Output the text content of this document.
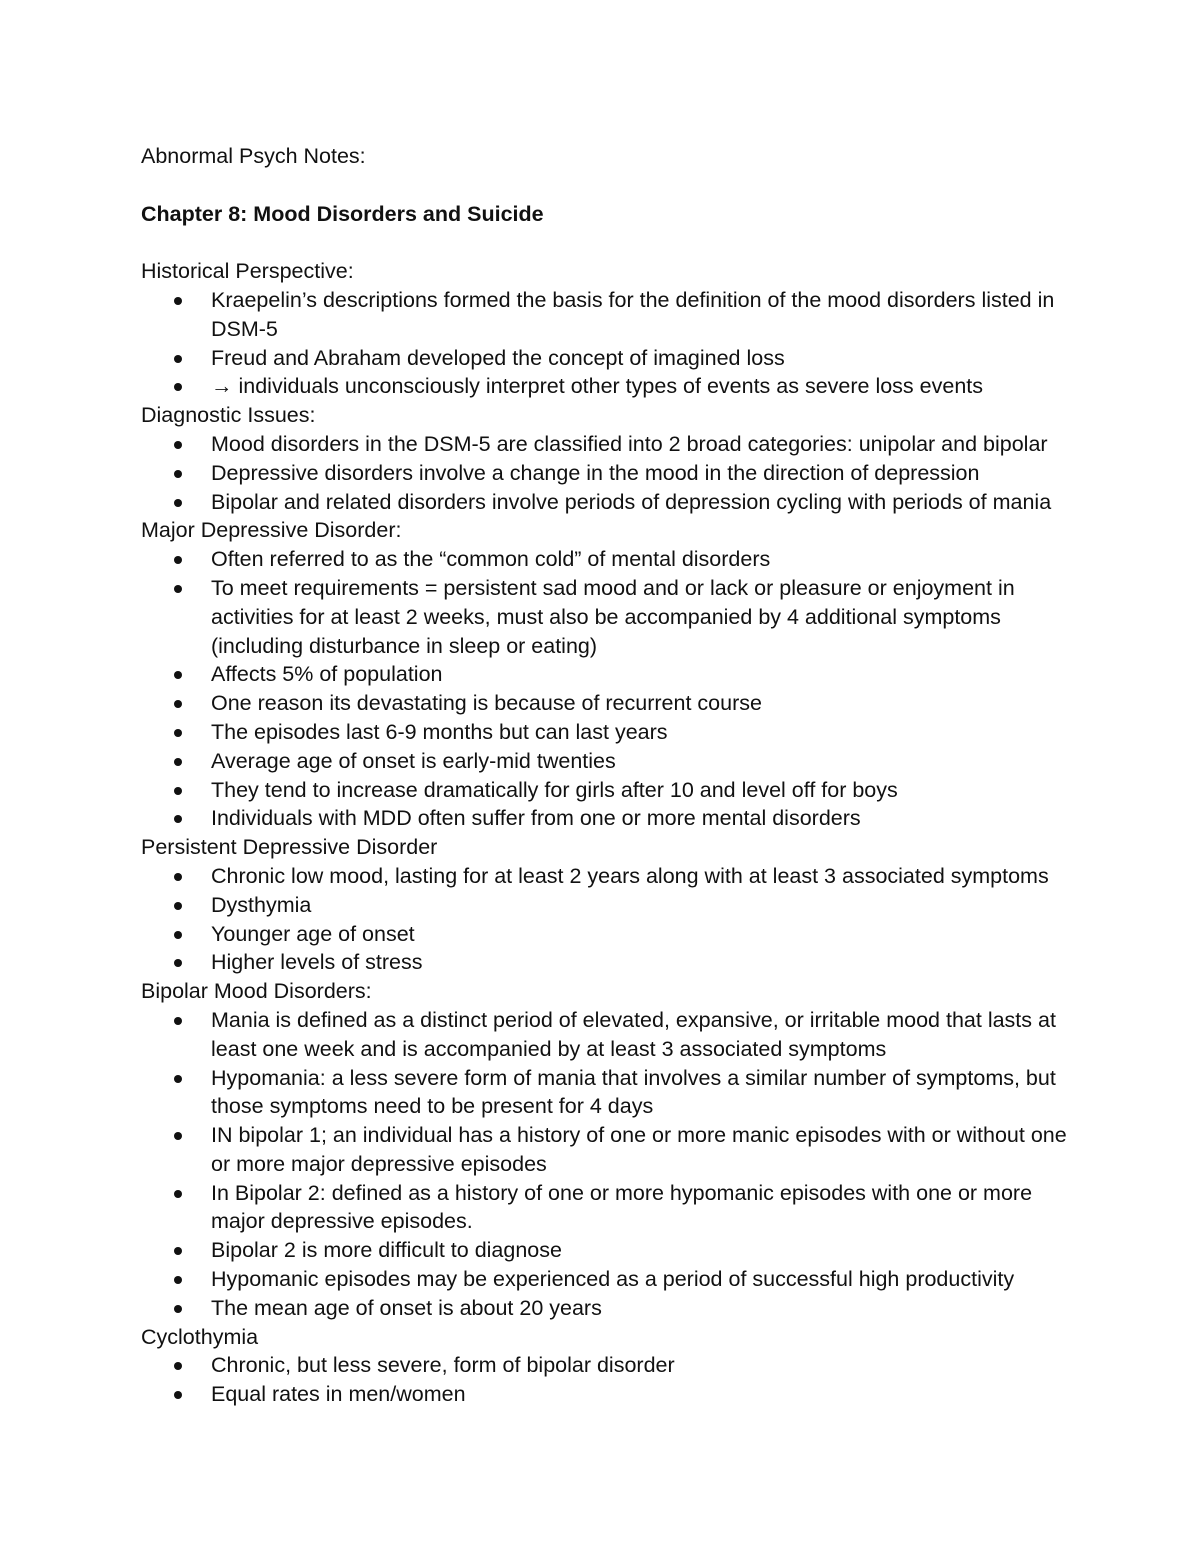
Abnormal Psych Notes:
Chapter 8: Mood Disorders and Suicide
Historical Perspective:
Kraepelin’s descriptions formed the basis for the definition of the mood disorders listed in DSM-5
Freud and Abraham developed the concept of imagined loss
→ individuals unconsciously interpret other types of events as severe loss events
Diagnostic Issues:
Mood disorders in the DSM-5 are classified into 2 broad categories: unipolar and bipolar
Depressive disorders involve a change in the mood in the direction of depression
Bipolar and related disorders involve periods of depression cycling with periods of mania
Major Depressive Disorder:
Often referred to as the “common cold” of mental disorders
To meet requirements = persistent sad mood and or lack or pleasure or enjoyment in activities for at least 2 weeks, must also be accompanied by 4 additional symptoms (including disturbance in sleep or eating)
Affects 5% of population
One reason its devastating is because of recurrent course
The episodes last 6-9 months but can last years
Average age of onset is early-mid twenties
They tend to increase dramatically for girls after 10 and level off for boys
Individuals with MDD often suffer from one or more mental disorders
Persistent Depressive Disorder
Chronic low mood, lasting for at least 2 years along with at least 3 associated symptoms
Dysthymia
Younger age of onset
Higher levels of stress
Bipolar Mood Disorders:
Mania is defined as a distinct period of elevated, expansive, or irritable mood that lasts at least one week and is accompanied by at least 3 associated symptoms
Hypomania: a less severe form of mania that involves a similar number of symptoms, but those symptoms need to be present for 4 days
IN bipolar 1; an individual has a history of one or more manic episodes with or without one or more major depressive episodes
In Bipolar 2: defined as a history of one or more hypomanic episodes with one or more major depressive episodes.
Bipolar 2 is more difficult to diagnose
Hypomanic episodes may be experienced as a period of successful high productivity
The mean age of onset is about 20 years
Cyclothymia
Chronic, but less severe, form of bipolar disorder
Equal rates in men/women
